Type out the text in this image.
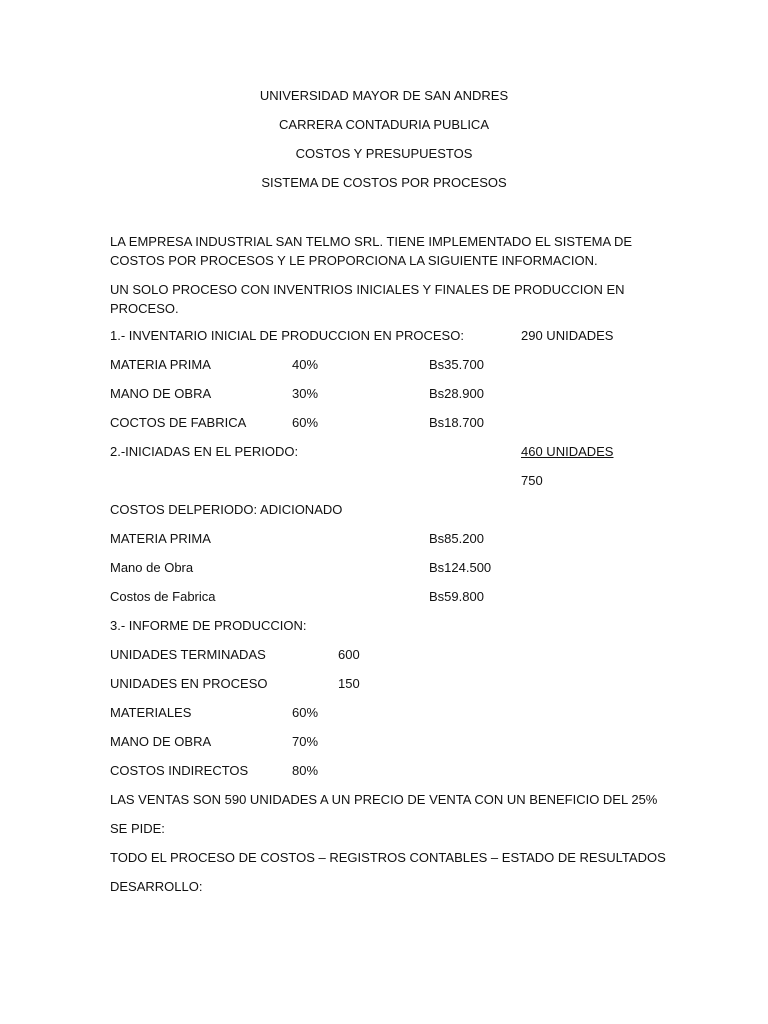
UNIVERSIDAD MAYOR DE SAN ANDRES
CARRERA CONTADURIA PUBLICA
COSTOS Y PRESUPUESTOS
SISTEMA DE COSTOS POR PROCESOS
LA EMPRESA INDUSTRIAL SAN TELMO SRL. TIENE IMPLEMENTADO EL SISTEMA DE COSTOS POR PROCESOS Y LE PROPORCIONA LA SIGUIENTE INFORMACION.
UN SOLO PROCESO CON INVENTRIOS INICIALES Y FINALES DE PRODUCCION EN PROCESO.
1.- INVENTARIO INICIAL DE PRODUCCION EN PROCESO:	290 UNIDADES
MATERIA PRIMA	40%	Bs35.700
MANO DE OBRA	30%	Bs28.900
COCTOS DE FABRICA	60%	Bs18.700
2.-INICIADAS EN EL PERIODO:	460 UNIDADES
750
COSTOS DELPERIODO: ADICIONADO
MATERIA PRIMA	Bs85.200
Mano de Obra	Bs124.500
Costos de Fabrica	Bs59.800
3.- INFORME DE PRODUCCION:
UNIDADES TERMINADAS	600
UNIDADES EN PROCESO	150
MATERIALES	60%
MANO DE OBRA	70%
COSTOS INDIRECTOS	80%
LAS VENTAS SON 590 UNIDADES A UN PRECIO DE VENTA CON UN BENEFICIO DEL 25%
SE PIDE:
TODO EL PROCESO DE COSTOS – REGISTROS CONTABLES – ESTADO DE RESULTADOS
DESARROLLO:
